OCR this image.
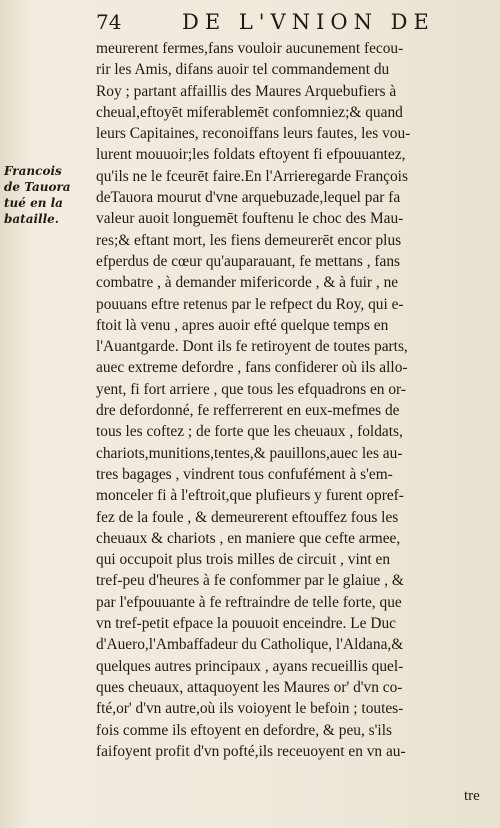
74	DE L'VNION DE
Francois
de Tauora
tué en la
bataille.
meurerent fermes,fans vouloir aucunement fecou-
rir les Amis, difans auoir tel commandement du
Roy ; partant affaillis des Maures Arquebufiers à
cheual,eftoyēt miferablemēt confomniez;& quand
leurs Capitaines, reconoiffans leurs fautes, les vou-
lurent mouuoir;les foldats eftoyent fi efpouuantez,
qu'ils ne le fceurēt faire.En l'Arrieregarde François
deTauora mourut d'vne arquebuzade,lequel par fa
valeur auoit longuemēt fouftenu le choc des Mau-
res;& eftant mort, les fiens demeurerēt encor plus
efperdus de cœur qu'auparauant, fe mettans , fans
combatre , à demander mifericorde , & à fuir , ne
pouuans eftre retenus par le refpect du Roy, qui e-
ftoit là venu , apres auoir efté quelque temps en
l'Auantgarde. Dont ils fe retiroyent de toutes parts,
auec extreme defordre , fans confiderer où ils allo-
yent, fi fort arriere , que tous les efquadrons en or-
dre defordonné, fe refferrerent en eux-mefmes de
tous les coftez ; de forte que les cheuaux , foldats,
chariots,munitions,tentes,& pauillons,auec les au-
tres bagages , vindrent tous confufément à s'em-
monceler fi à l'eftroit,que plufieurs y furent opref-
fez de la foule , & demeurerent eftouffez fous les
cheuaux & chariots , en maniere que cefte armee,
qui occupoit plus trois milles de circuit , vint en
tref-peu d'heures à fe confommer par le glaiue , &
par l'efpouuante à fe reftraindre de telle forte, que
vn tref-petit efpace la pouuoit enceindre. Le Duc
d'Auero,l'Ambaffadeur du Catholique, l'Aldana,&
quelques autres principaux , ayans recueillis quel-
ques cheuaux, attaquoyent les Maures or' d'vn co-
fté,or' d'vn autre,où ils voioyent le befoin ; toutes-
fois comme ils eftoyent en defordre, & peu, s'ils
faifoyent profit d'vn pofté,ils receuoyent en vn au-
tre
